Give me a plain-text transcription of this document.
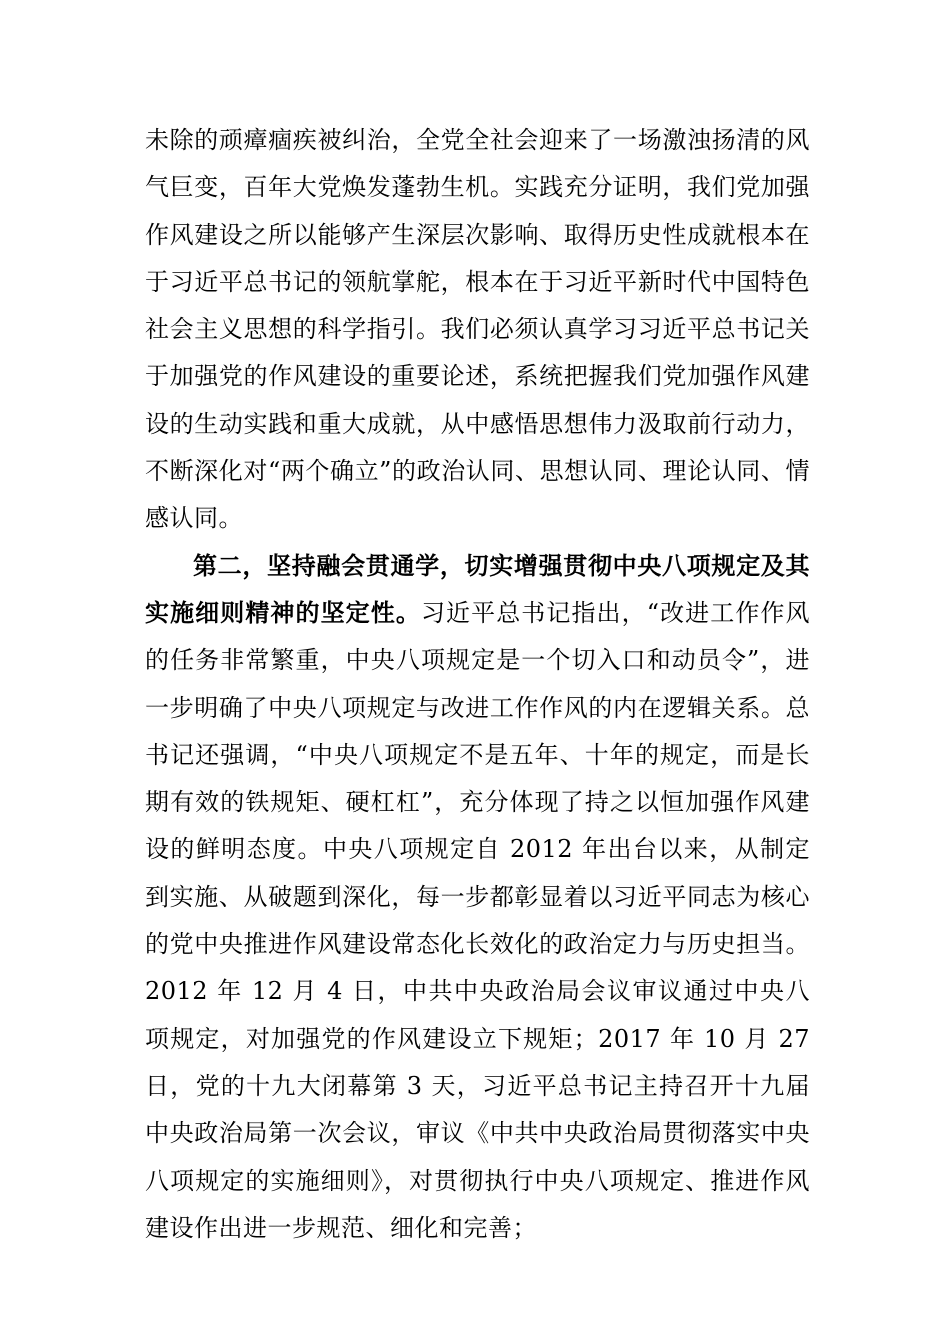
未除的顽瘴痼疾被纠治，全党全社会迎来了一场激浊扬清的风气巨变，百年大党焕发蓬勃生机。实践充分证明，我们党加强作风建设之所以能够产生深层次影响、取得历史性成就根本在于习近平总书记的领航掌舵，根本在于习近平新时代中国特色社会主义思想的科学指引。我们必须认真学习习近平总书记关于加强党的作风建设的重要论述，系统把握我们党加强作风建设的生动实践和重大成就，从中感悟思想伟力汲取前行动力，不断深化对“两个确立”的政治认同、思想认同、理论认同、情感认同。

第二，坚持融会贯通学，切实增强贯彻中央八项规定及其实施细则精神的坚定性。习近平总书记指出，“改进工作作风的任务非常繁重，中央八项规定是一个切入口和动员令”，进一步明确了中央八项规定与改进工作作风的内在逻辑关系。总书记还强调，“中央八项规定不是五年、十年的规定，而是长期有效的铁规矩、硬杠杠”，充分体现了持之以恒加强作风建设的鲜明态度。中央八项规定自 2012 年出台以来，从制定到实施、从破题到深化，每一步都彰显着以习近平同志为核心的党中央推进作风建设常态化长效化的政治定力与历史担当。2012 年 12 月 4 日，中共中央政治局会议审议通过中央八项规定，对加强党的作风建设立下规矩；2017 年 10 月 27 日，党的十九大闭幕第 3 天，习近平总书记主持召开十九届中央政治局第一次会议，审议《中共中央政治局贯彻落实中央八项规定的实施细则》，对贯彻执行中央八项规定、推进作风建设作出进一步规范、细化和完善；
